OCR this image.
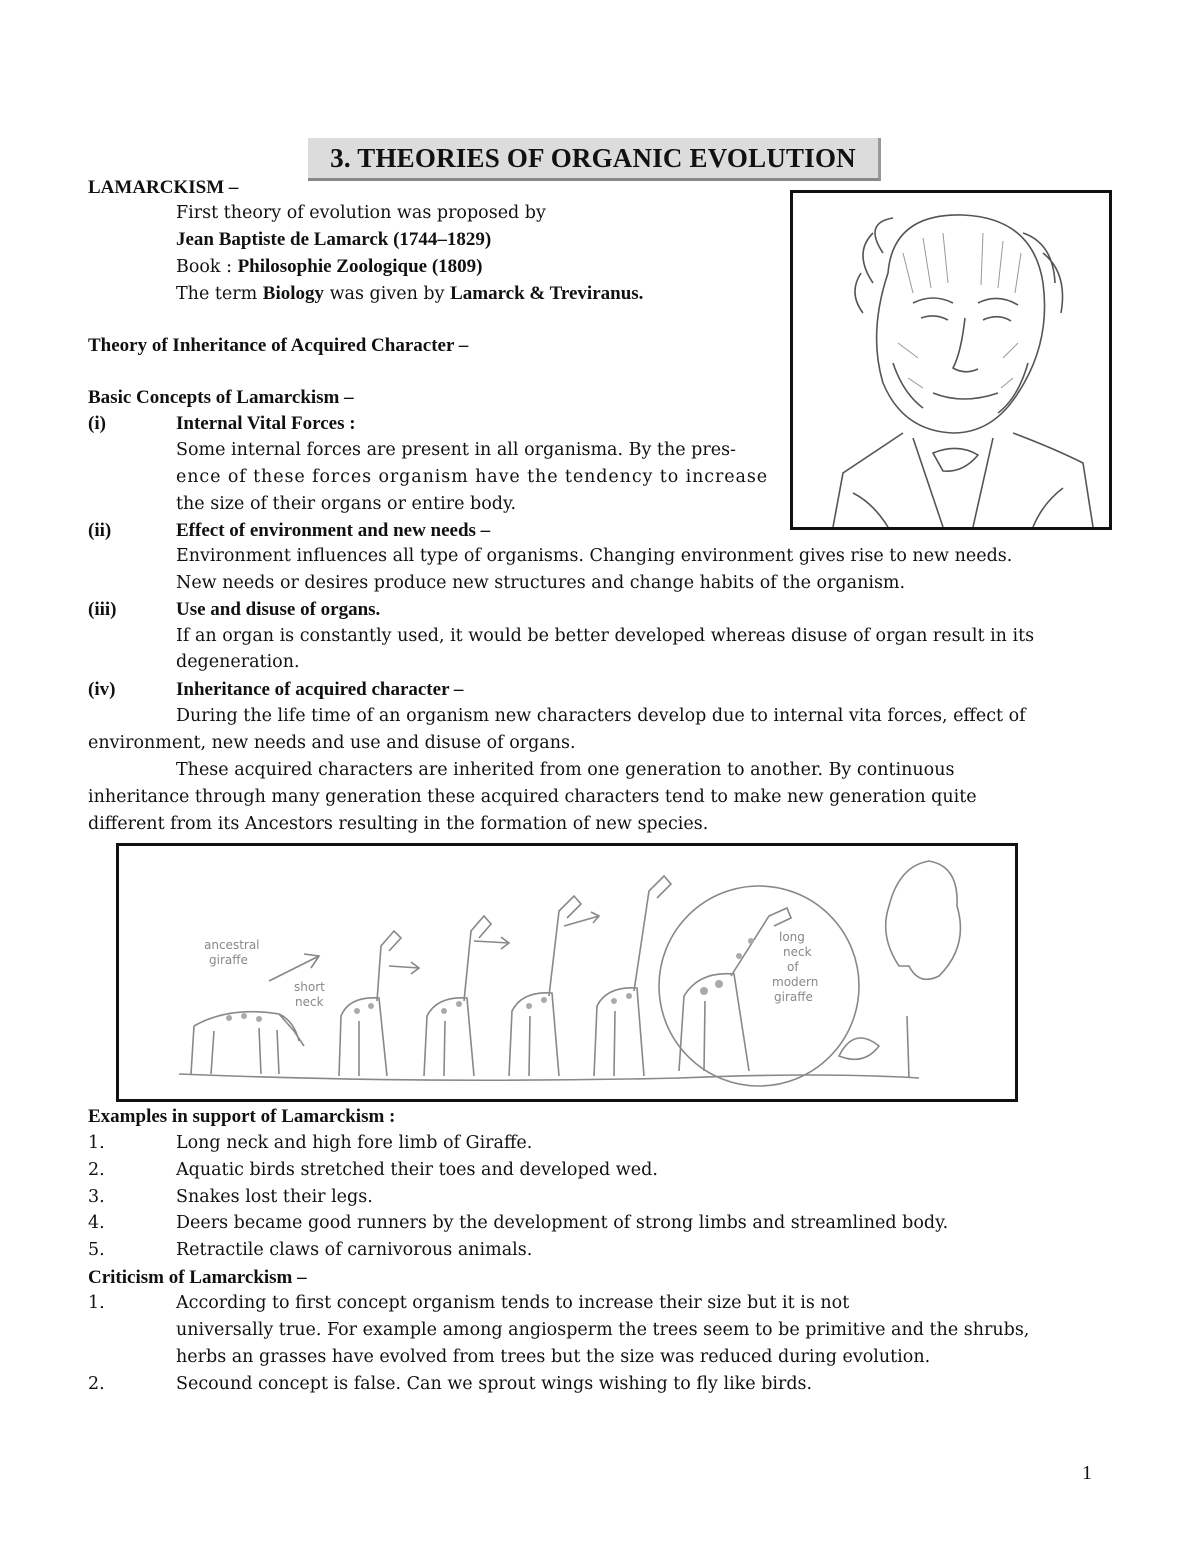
3. THEORIES OF ORGANIC EVOLUTION
LAMARCKISM –
First theory of evolution was proposed by
Jean Baptiste de Lamarck (1744–1829)
Book : Philosophie Zoologique (1809)
The term Biology was given by Lamarck & Treviranus.
Theory of Inheritance of Acquired Character –
Basic Concepts of Lamarckism –
(i)	Internal Vital Forces :
Some internal forces are present in all organisma. By the pres-
ence of these forces organism have the tendency to increase
the size of their organs or entire body.
(ii)	Effect of environment and new needs –
Environment influences all type of organisms. Changing environment gives rise to new needs.
New needs or desires produce new structures and change habits of the organism.
(iii)	Use and disuse of organs.
If an organ is constantly used, it would be better developed whereas disuse of organ result in its
degeneration.
(iv)	Inheritance of acquired character –
During the life time of an organism new characters develop due to internal vita forces, effect of
environment, new needs and use and disuse of organs.
These acquired characters are inherited from one generation to another. By continuous
inheritance through many generation these acquired characters tend to make new generation quite
different from its Ancestors resulting in the formation of new species.
ancestral
giraffe
short
neck
long
neck
of
modern
giraffe
Examples in support of Lamarckism :
1.	Long neck and high fore limb of Giraffe.
2.	Aquatic birds stretched their toes and developed wed.
3.	Snakes lost their legs.
4.	Deers became good runners by the development of strong limbs and streamlined body.
5.	Retractile claws of carnivorous animals.
Criticism of Lamarckism –
1.	According to first concept organism tends to increase their size but it is not
universally true. For example among angiosperm the trees seem to be primitive and the shrubs,
herbs an grasses have evolved from trees but the size was reduced during evolution.
2.	Secound concept is false. Can we sprout wings wishing to fly like birds.
1
